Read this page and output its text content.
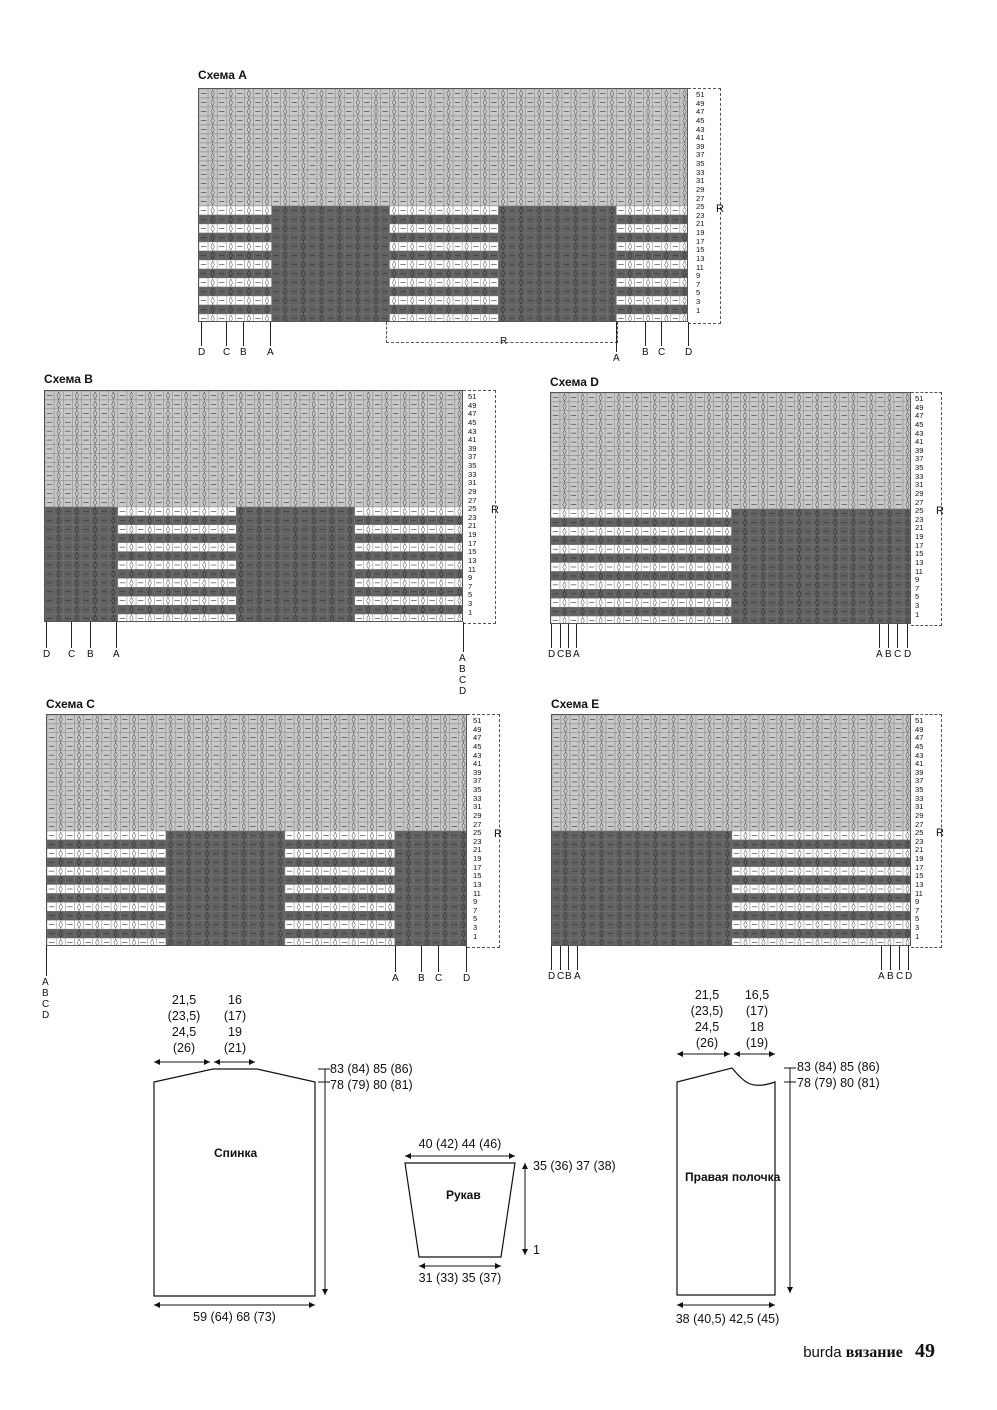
Схема A
◊ ◊ ◊ ◊ ◊ ◊ ◊ ◊ ◊ ◊ ◊ ◊ ◊ ◊ ◊ ◊ ◊ ◊ ◊ ◊ ◊ ◊ ◊ ◊ ◊ ◊ ◊
◊ ◊ ◊ ◊ ◊ ◊ ◊ ◊ ◊ ◊ ◊ ◊ ◊ ◊ ◊ ◊ ◊ ◊ ◊ ◊ ◊ ◊ ◊ ◊ ◊ ◊ ◊
◊ ◊ ◊ ◊ ◊ ◊ ◊ ◊ ◊ ◊ ◊ ◊ ◊ ◊ ◊ ◊ ◊ ◊ ◊ ◊ ◊ ◊ ◊ ◊ ◊ ◊ ◊
◊ ◊ ◊ ◊ ◊ ◊ ◊ ◊ ◊ ◊ ◊ ◊ ◊ ◊ ◊ ◊ ◊ ◊ ◊ ◊ ◊ ◊ ◊ ◊ ◊ ◊ ◊
◊ ◊ ◊ ◊ ◊ ◊ ◊ ◊ ◊ ◊ ◊ ◊ ◊ ◊ ◊ ◊ ◊ ◊ ◊ ◊ ◊ ◊ ◊ ◊ ◊ ◊ ◊
◊ ◊ ◊ ◊ ◊ ◊ ◊ ◊ ◊ ◊ ◊ ◊ ◊ ◊ ◊ ◊ ◊ ◊ ◊ ◊ ◊ ◊ ◊ ◊ ◊ ◊ ◊
◊ ◊ ◊ ◊ ◊ ◊ ◊ ◊ ◊ ◊ ◊ ◊ ◊ ◊ ◊ ◊ ◊ ◊ ◊ ◊ ◊ ◊ ◊ ◊ ◊ ◊ ◊
◊ ◊ ◊ ◊ ◊ ◊ ◊ ◊ ◊ ◊ ◊ ◊ ◊ ◊ ◊ ◊ ◊ ◊ ◊ ◊ ◊ ◊ ◊ ◊ ◊ ◊ ◊
◊ ◊ ◊ ◊ ◊ ◊ ◊ ◊ ◊ ◊ ◊ ◊ ◊ ◊ ◊ ◊ ◊ ◊ ◊ ◊ ◊ ◊ ◊ ◊ ◊ ◊ ◊
◊ ◊ ◊ ◊ ◊ ◊ ◊ ◊ ◊ ◊ ◊ ◊ ◊ ◊ ◊ ◊ ◊ ◊ ◊ ◊ ◊ ◊ ◊ ◊ ◊ ◊ ◊
◊ ◊ ◊ ◊ ◊ ◊ ◊ ◊ ◊ ◊ ◊ ◊ ◊ ◊ ◊ ◊ ◊ ◊ ◊ ◊ ◊ ◊ ◊ ◊ ◊ ◊ ◊
◊ ◊ ◊ ◊ ◊ ◊ ◊ ◊ ◊ ◊ ◊ ◊ ◊ ◊ ◊ ◊ ◊ ◊ ◊ ◊ ◊ ◊ ◊ ◊ ◊ ◊ ◊
◊ ◊ ◊ ◊ ◊ ◊ ◊ ◊ ◊ ◊ ◊ ◊ ◊ ◊ ◊ ◊ ◊ ◊ ◊ ◊ ◊ ◊ ◊ ◊ ◊ ◊ ◊
◊ ◊ ◊ ◊ ◊ ◊ ◊ ◊ ◊ ◊ ◊ ◊ ◊ ◊ ◊ ◊ ◊ ◊ ◊ ◊ ◊ ◊ ◊ ◊ ◊ ◊ ◊
◊ ◊ ◊ ◊ ◊ ◊ ◊ ◊ ◊ ◊ ◊ ◊ ◊ ◊ ◊ ◊ ◊ ◊ ◊ ◊ ◊ ◊ ◊ ◊ ◊ ◊ ◊
◊ ◊ ◊ ◊ ◊ ◊ ◊ ◊ ◊ ◊ ◊ ◊ ◊ ◊ ◊ ◊ ◊ ◊ ◊ ◊ ◊ ◊ ◊ ◊ ◊ ◊ ◊
◊ ◊ ◊ ◊ ◊ ◊ ◊ ◊ ◊ ◊ ◊ ◊ ◊ ◊ ◊ ◊ ◊ ◊ ◊ ◊ ◊ ◊ ◊ ◊ ◊ ◊ ◊
◊ ◊ ◊ ◊ ◊ ◊ ◊ ◊ ◊ ◊ ◊ ◊ ◊ ◊ ◊ ◊ ◊ ◊ ◊ ◊ ◊ ◊ ◊ ◊ ◊ ◊ ◊
◊ ◊ ◊ ◊ ◊ ◊ ◊ ◊ ◊ ◊ ◊ ◊ ◊ ◊ ◊ ◊ ◊ ◊ ◊ ◊ ◊ ◊ ◊ ◊ ◊ ◊ ◊
◊ ◊ ◊ ◊ ◊ ◊ ◊ ◊ ◊ ◊ ◊ ◊ ◊ ◊ ◊ ◊ ◊ ◊ ◊ ◊ ◊ ◊ ◊ ◊ ◊ ◊ ◊
◊ ◊ ◊ ◊ ◊ ◊ ◊ ◊ ◊ ◊ ◊ ◊ ◊ ◊ ◊ ◊ ◊ ◊ ◊ ◊ ◊ ◊ ◊ ◊ ◊ ◊ ◊
◊ ◊ ◊ ◊ ◊ ◊ ◊ ◊ ◊ ◊ ◊ ◊ ◊ ◊ ◊ ◊ ◊ ◊ ◊ ◊ ◊ ◊ ◊ ◊ ◊ ◊ ◊
◊ ◊ ◊ ◊ ◊ ◊ ◊ ◊ ◊ ◊ ◊ ◊ ◊ ◊ ◊ ◊ ◊ ◊ ◊ ◊ ◊ ◊ ◊ ◊ ◊ ◊ ◊
◊ ◊ ◊ ◊ ◊ ◊ ◊ ◊ ◊ ◊ ◊ ◊ ◊ ◊ ◊ ◊ ◊ ◊ ◊ ◊ ◊ ◊ ◊ ◊ ◊ ◊ ◊
◊ ◊ ◊ ◊ ◊ ◊ ◊ ◊ ◊ ◊ ◊ ◊ ◊ ◊ ◊ ◊ ◊ ◊ ◊ ◊ ◊ ◊ ◊ ◊ ◊ ◊ ◊
◊ ◊ ◊ ◊ ◊ ◊ ◊ ◊ ◊ ◊ ◊ ◊ ◊ ◊ ◊ ◊ ◊ ◊ ◊ ◊ ◊ ◊ ◊ ◊ ◊ ◊ ◊
51
49
47
45
43
41
39
37
35
33
31
29
27
25
23
21
19
17
15
13
11
9
7
5
3
1
R
R
D C B A	B C D
A
Схема B
◊ ◊ ◊ ◊ ◊ ◊ ◊ ◊ ◊ ◊ ◊ ◊ ◊ ◊ ◊ ◊ ◊ ◊ ◊ ◊ ◊ ◊ ◊
◊ ◊ ◊ ◊ ◊ ◊ ◊ ◊ ◊ ◊ ◊ ◊ ◊ ◊ ◊ ◊ ◊ ◊ ◊ ◊ ◊ ◊ ◊
◊ ◊ ◊ ◊ ◊ ◊ ◊ ◊ ◊ ◊ ◊ ◊ ◊ ◊ ◊ ◊ ◊ ◊ ◊ ◊ ◊ ◊ ◊
◊ ◊ ◊ ◊ ◊ ◊ ◊ ◊ ◊ ◊ ◊ ◊ ◊ ◊ ◊ ◊ ◊ ◊ ◊ ◊ ◊ ◊ ◊
◊ ◊ ◊ ◊ ◊ ◊ ◊ ◊ ◊ ◊ ◊ ◊ ◊ ◊ ◊ ◊ ◊ ◊ ◊ ◊ ◊ ◊ ◊
◊ ◊ ◊ ◊ ◊ ◊ ◊ ◊ ◊ ◊ ◊ ◊ ◊ ◊ ◊ ◊ ◊ ◊ ◊ ◊ ◊ ◊ ◊
◊ ◊ ◊ ◊ ◊ ◊ ◊ ◊ ◊ ◊ ◊ ◊ ◊ ◊ ◊ ◊ ◊ ◊ ◊ ◊ ◊ ◊ ◊
◊ ◊ ◊ ◊ ◊ ◊ ◊ ◊ ◊ ◊ ◊ ◊ ◊ ◊ ◊ ◊ ◊ ◊ ◊ ◊ ◊ ◊ ◊
◊ ◊ ◊ ◊ ◊ ◊ ◊ ◊ ◊ ◊ ◊ ◊ ◊ ◊ ◊ ◊ ◊ ◊ ◊ ◊ ◊ ◊ ◊
◊ ◊ ◊ ◊ ◊ ◊ ◊ ◊ ◊ ◊ ◊ ◊ ◊ ◊ ◊ ◊ ◊ ◊ ◊ ◊ ◊ ◊ ◊
◊ ◊ ◊ ◊ ◊ ◊ ◊ ◊ ◊ ◊ ◊ ◊ ◊ ◊ ◊ ◊ ◊ ◊ ◊ ◊ ◊ ◊ ◊
◊ ◊ ◊ ◊ ◊ ◊ ◊ ◊ ◊ ◊ ◊ ◊ ◊ ◊ ◊ ◊ ◊ ◊ ◊ ◊ ◊ ◊ ◊
◊ ◊ ◊ ◊ ◊ ◊ ◊ ◊ ◊ ◊ ◊ ◊ ◊ ◊ ◊ ◊ ◊ ◊ ◊ ◊ ◊ ◊ ◊
◊ ◊ ◊ ◊ ◊ ◊ ◊ ◊ ◊ ◊ ◊ ◊ ◊ ◊ ◊ ◊ ◊ ◊ ◊ ◊ ◊ ◊ ◊
◊ ◊ ◊ ◊ ◊ ◊ ◊ ◊ ◊ ◊ ◊ ◊ ◊ ◊ ◊ ◊ ◊ ◊ ◊ ◊ ◊ ◊ ◊
◊ ◊ ◊ ◊ ◊ ◊ ◊ ◊ ◊ ◊ ◊ ◊ ◊ ◊ ◊ ◊ ◊ ◊ ◊ ◊ ◊ ◊ ◊
◊ ◊ ◊ ◊ ◊ ◊ ◊ ◊ ◊ ◊ ◊ ◊ ◊ ◊ ◊ ◊ ◊ ◊ ◊ ◊ ◊ ◊ ◊
◊ ◊ ◊ ◊ ◊ ◊ ◊ ◊ ◊ ◊ ◊ ◊ ◊ ◊ ◊ ◊ ◊ ◊ ◊ ◊ ◊ ◊ ◊
◊ ◊ ◊ ◊ ◊ ◊ ◊ ◊ ◊ ◊ ◊ ◊ ◊ ◊ ◊ ◊ ◊ ◊ ◊ ◊ ◊ ◊ ◊
◊ ◊ ◊ ◊ ◊ ◊ ◊ ◊ ◊ ◊ ◊ ◊ ◊ ◊ ◊ ◊ ◊ ◊ ◊ ◊ ◊ ◊ ◊
◊ ◊ ◊ ◊ ◊ ◊ ◊ ◊ ◊ ◊ ◊ ◊ ◊ ◊ ◊ ◊ ◊ ◊ ◊ ◊ ◊ ◊ ◊
◊ ◊ ◊ ◊ ◊ ◊ ◊ ◊ ◊ ◊ ◊ ◊ ◊ ◊ ◊ ◊ ◊ ◊ ◊ ◊ ◊ ◊ ◊
◊ ◊ ◊ ◊ ◊ ◊ ◊ ◊ ◊ ◊ ◊ ◊ ◊ ◊ ◊ ◊ ◊ ◊ ◊ ◊ ◊ ◊ ◊
◊ ◊ ◊ ◊ ◊ ◊ ◊ ◊ ◊ ◊ ◊ ◊ ◊ ◊ ◊ ◊ ◊ ◊ ◊ ◊ ◊ ◊ ◊
◊ ◊ ◊ ◊ ◊ ◊ ◊ ◊ ◊ ◊ ◊ ◊ ◊ ◊ ◊ ◊ ◊ ◊ ◊ ◊ ◊ ◊ ◊
◊ ◊ ◊ ◊ ◊ ◊ ◊ ◊ ◊ ◊ ◊ ◊ ◊ ◊ ◊ ◊ ◊ ◊ ◊ ◊ ◊ ◊ ◊
51
49
47
45
43
41
39
37
35
33
31
29
27
25
23
21
19
17
15
13
11
9
7
5
3
1
R
D C B A	A
B
C
D
Схема D
◊ ◊ ◊ ◊ ◊ ◊ ◊ ◊ ◊ ◊ ◊ ◊ ◊ ◊ ◊ ◊ ◊ ◊ ◊ ◊
◊ ◊ ◊ ◊ ◊ ◊ ◊ ◊ ◊ ◊ ◊ ◊ ◊ ◊ ◊ ◊ ◊ ◊ ◊ ◊
◊ ◊ ◊ ◊ ◊ ◊ ◊ ◊ ◊ ◊ ◊ ◊ ◊ ◊ ◊ ◊ ◊ ◊ ◊ ◊
◊ ◊ ◊ ◊ ◊ ◊ ◊ ◊ ◊ ◊ ◊ ◊ ◊ ◊ ◊ ◊ ◊ ◊ ◊ ◊
◊ ◊ ◊ ◊ ◊ ◊ ◊ ◊ ◊ ◊ ◊ ◊ ◊ ◊ ◊ ◊ ◊ ◊ ◊ ◊
◊ ◊ ◊ ◊ ◊ ◊ ◊ ◊ ◊ ◊ ◊ ◊ ◊ ◊ ◊ ◊ ◊ ◊ ◊ ◊
◊ ◊ ◊ ◊ ◊ ◊ ◊ ◊ ◊ ◊ ◊ ◊ ◊ ◊ ◊ ◊ ◊ ◊ ◊ ◊
◊ ◊ ◊ ◊ ◊ ◊ ◊ ◊ ◊ ◊ ◊ ◊ ◊ ◊ ◊ ◊ ◊ ◊ ◊ ◊
◊ ◊ ◊ ◊ ◊ ◊ ◊ ◊ ◊ ◊ ◊ ◊ ◊ ◊ ◊ ◊ ◊ ◊ ◊ ◊
◊ ◊ ◊ ◊ ◊ ◊ ◊ ◊ ◊ ◊ ◊ ◊ ◊ ◊ ◊ ◊ ◊ ◊ ◊ ◊
◊ ◊ ◊ ◊ ◊ ◊ ◊ ◊ ◊ ◊ ◊ ◊ ◊ ◊ ◊ ◊ ◊ ◊ ◊ ◊
◊ ◊ ◊ ◊ ◊ ◊ ◊ ◊ ◊ ◊ ◊ ◊ ◊ ◊ ◊ ◊ ◊ ◊ ◊ ◊
◊ ◊ ◊ ◊ ◊ ◊ ◊ ◊ ◊ ◊ ◊ ◊ ◊ ◊ ◊ ◊ ◊ ◊ ◊ ◊
◊ ◊ ◊ ◊ ◊ ◊ ◊ ◊ ◊ ◊ ◊ ◊ ◊ ◊ ◊ ◊ ◊ ◊ ◊ ◊
◊ ◊ ◊ ◊ ◊ ◊ ◊ ◊ ◊ ◊ ◊ ◊ ◊ ◊ ◊ ◊ ◊ ◊ ◊ ◊
◊ ◊ ◊ ◊ ◊ ◊ ◊ ◊ ◊ ◊ ◊ ◊ ◊ ◊ ◊ ◊ ◊ ◊ ◊ ◊
◊ ◊ ◊ ◊ ◊ ◊ ◊ ◊ ◊ ◊ ◊ ◊ ◊ ◊ ◊ ◊ ◊ ◊ ◊ ◊
◊ ◊ ◊ ◊ ◊ ◊ ◊ ◊ ◊ ◊ ◊ ◊ ◊ ◊ ◊ ◊ ◊ ◊ ◊ ◊
◊ ◊ ◊ ◊ ◊ ◊ ◊ ◊ ◊ ◊ ◊ ◊ ◊ ◊ ◊ ◊ ◊ ◊ ◊ ◊
◊ ◊ ◊ ◊ ◊ ◊ ◊ ◊ ◊ ◊ ◊ ◊ ◊ ◊ ◊ ◊ ◊ ◊ ◊ ◊
◊ ◊ ◊ ◊ ◊ ◊ ◊ ◊ ◊ ◊ ◊ ◊ ◊ ◊ ◊ ◊ ◊ ◊ ◊ ◊
◊ ◊ ◊ ◊ ◊ ◊ ◊ ◊ ◊ ◊ ◊ ◊ ◊ ◊ ◊ ◊ ◊ ◊ ◊ ◊
◊ ◊ ◊ ◊ ◊ ◊ ◊ ◊ ◊ ◊ ◊ ◊ ◊ ◊ ◊ ◊ ◊ ◊ ◊ ◊
◊ ◊ ◊ ◊ ◊ ◊ ◊ ◊ ◊ ◊ ◊ ◊ ◊ ◊ ◊ ◊ ◊ ◊ ◊ ◊
◊ ◊ ◊ ◊ ◊ ◊ ◊ ◊ ◊ ◊ ◊ ◊ ◊ ◊ ◊ ◊ ◊ ◊ ◊ ◊
◊ ◊ ◊ ◊ ◊ ◊ ◊ ◊ ◊ ◊ ◊ ◊ ◊ ◊ ◊ ◊ ◊ ◊ ◊ ◊
51
49
47
45
43
41
39
37
35
33
31
29
27
25
23
21
19
17
15
13
11
9
7
5
3
1
R
D C B A	A B C D
Схема C
◊ ◊ ◊ ◊ ◊ ◊ ◊ ◊ ◊ ◊ ◊ ◊ ◊ ◊ ◊ ◊ ◊ ◊ ◊ ◊ ◊ ◊ ◊
◊ ◊ ◊ ◊ ◊ ◊ ◊ ◊ ◊ ◊ ◊ ◊ ◊ ◊ ◊ ◊ ◊ ◊ ◊ ◊ ◊ ◊ ◊
◊ ◊ ◊ ◊ ◊ ◊ ◊ ◊ ◊ ◊ ◊ ◊ ◊ ◊ ◊ ◊ ◊ ◊ ◊ ◊ ◊ ◊ ◊
◊ ◊ ◊ ◊ ◊ ◊ ◊ ◊ ◊ ◊ ◊ ◊ ◊ ◊ ◊ ◊ ◊ ◊ ◊ ◊ ◊ ◊ ◊
◊ ◊ ◊ ◊ ◊ ◊ ◊ ◊ ◊ ◊ ◊ ◊ ◊ ◊ ◊ ◊ ◊ ◊ ◊ ◊ ◊ ◊ ◊
◊ ◊ ◊ ◊ ◊ ◊ ◊ ◊ ◊ ◊ ◊ ◊ ◊ ◊ ◊ ◊ ◊ ◊ ◊ ◊ ◊ ◊ ◊
◊ ◊ ◊ ◊ ◊ ◊ ◊ ◊ ◊ ◊ ◊ ◊ ◊ ◊ ◊ ◊ ◊ ◊ ◊ ◊ ◊ ◊ ◊
◊ ◊ ◊ ◊ ◊ ◊ ◊ ◊ ◊ ◊ ◊ ◊ ◊ ◊ ◊ ◊ ◊ ◊ ◊ ◊ ◊ ◊ ◊
◊ ◊ ◊ ◊ ◊ ◊ ◊ ◊ ◊ ◊ ◊ ◊ ◊ ◊ ◊ ◊ ◊ ◊ ◊ ◊ ◊ ◊ ◊
◊ ◊ ◊ ◊ ◊ ◊ ◊ ◊ ◊ ◊ ◊ ◊ ◊ ◊ ◊ ◊ ◊ ◊ ◊ ◊ ◊ ◊ ◊
◊ ◊ ◊ ◊ ◊ ◊ ◊ ◊ ◊ ◊ ◊ ◊ ◊ ◊ ◊ ◊ ◊ ◊ ◊ ◊ ◊ ◊ ◊
◊ ◊ ◊ ◊ ◊ ◊ ◊ ◊ ◊ ◊ ◊ ◊ ◊ ◊ ◊ ◊ ◊ ◊ ◊ ◊ ◊ ◊ ◊
◊ ◊ ◊ ◊ ◊ ◊ ◊ ◊ ◊ ◊ ◊ ◊ ◊ ◊ ◊ ◊ ◊ ◊ ◊ ◊ ◊ ◊ ◊
◊ ◊ ◊ ◊ ◊ ◊ ◊ ◊ ◊ ◊ ◊ ◊ ◊ ◊ ◊ ◊ ◊ ◊ ◊ ◊ ◊ ◊ ◊
◊ ◊ ◊ ◊ ◊ ◊ ◊ ◊ ◊ ◊ ◊ ◊ ◊ ◊ ◊ ◊ ◊ ◊ ◊ ◊ ◊ ◊ ◊
◊ ◊ ◊ ◊ ◊ ◊ ◊ ◊ ◊ ◊ ◊ ◊ ◊ ◊ ◊ ◊ ◊ ◊ ◊ ◊ ◊ ◊ ◊
◊ ◊ ◊ ◊ ◊ ◊ ◊ ◊ ◊ ◊ ◊ ◊ ◊ ◊ ◊ ◊ ◊ ◊ ◊ ◊ ◊ ◊ ◊
◊ ◊ ◊ ◊ ◊ ◊ ◊ ◊ ◊ ◊ ◊ ◊ ◊ ◊ ◊ ◊ ◊ ◊ ◊ ◊ ◊ ◊ ◊
◊ ◊ ◊ ◊ ◊ ◊ ◊ ◊ ◊ ◊ ◊ ◊ ◊ ◊ ◊ ◊ ◊ ◊ ◊ ◊ ◊ ◊ ◊
◊ ◊ ◊ ◊ ◊ ◊ ◊ ◊ ◊ ◊ ◊ ◊ ◊ ◊ ◊ ◊ ◊ ◊ ◊ ◊ ◊ ◊ ◊
◊ ◊ ◊ ◊ ◊ ◊ ◊ ◊ ◊ ◊ ◊ ◊ ◊ ◊ ◊ ◊ ◊ ◊ ◊ ◊ ◊ ◊ ◊
◊ ◊ ◊ ◊ ◊ ◊ ◊ ◊ ◊ ◊ ◊ ◊ ◊ ◊ ◊ ◊ ◊ ◊ ◊ ◊ ◊ ◊ ◊
◊ ◊ ◊ ◊ ◊ ◊ ◊ ◊ ◊ ◊ ◊ ◊ ◊ ◊ ◊ ◊ ◊ ◊ ◊ ◊ ◊ ◊ ◊
◊ ◊ ◊ ◊ ◊ ◊ ◊ ◊ ◊ ◊ ◊ ◊ ◊ ◊ ◊ ◊ ◊ ◊ ◊ ◊ ◊ ◊ ◊
◊ ◊ ◊ ◊ ◊ ◊ ◊ ◊ ◊ ◊ ◊ ◊ ◊ ◊ ◊ ◊ ◊ ◊ ◊ ◊ ◊ ◊ ◊
◊ ◊ ◊ ◊ ◊ ◊ ◊ ◊ ◊ ◊ ◊ ◊ ◊ ◊ ◊ ◊ ◊ ◊ ◊ ◊ ◊ ◊ ◊
51
49
47
45
43
41
39
37
35
33
31
29
27
25
23
21
19
17
15
13
11
9
7
5
3
1
R
A
B
C
D
A B C D
Схема E
◊ ◊ ◊ ◊ ◊ ◊ ◊ ◊ ◊ ◊ ◊ ◊ ◊ ◊ ◊ ◊ ◊ ◊ ◊ ◊
◊ ◊ ◊ ◊ ◊ ◊ ◊ ◊ ◊ ◊ ◊ ◊ ◊ ◊ ◊ ◊ ◊ ◊ ◊ ◊
◊ ◊ ◊ ◊ ◊ ◊ ◊ ◊ ◊ ◊ ◊ ◊ ◊ ◊ ◊ ◊ ◊ ◊ ◊ ◊
◊ ◊ ◊ ◊ ◊ ◊ ◊ ◊ ◊ ◊ ◊ ◊ ◊ ◊ ◊ ◊ ◊ ◊ ◊ ◊
◊ ◊ ◊ ◊ ◊ ◊ ◊ ◊ ◊ ◊ ◊ ◊ ◊ ◊ ◊ ◊ ◊ ◊ ◊ ◊
◊ ◊ ◊ ◊ ◊ ◊ ◊ ◊ ◊ ◊ ◊ ◊ ◊ ◊ ◊ ◊ ◊ ◊ ◊ ◊
◊ ◊ ◊ ◊ ◊ ◊ ◊ ◊ ◊ ◊ ◊ ◊ ◊ ◊ ◊ ◊ ◊ ◊ ◊ ◊
◊ ◊ ◊ ◊ ◊ ◊ ◊ ◊ ◊ ◊ ◊ ◊ ◊ ◊ ◊ ◊ ◊ ◊ ◊ ◊
◊ ◊ ◊ ◊ ◊ ◊ ◊ ◊ ◊ ◊ ◊ ◊ ◊ ◊ ◊ ◊ ◊ ◊ ◊ ◊
◊ ◊ ◊ ◊ ◊ ◊ ◊ ◊ ◊ ◊ ◊ ◊ ◊ ◊ ◊ ◊ ◊ ◊ ◊ ◊
◊ ◊ ◊ ◊ ◊ ◊ ◊ ◊ ◊ ◊ ◊ ◊ ◊ ◊ ◊ ◊ ◊ ◊ ◊ ◊
◊ ◊ ◊ ◊ ◊ ◊ ◊ ◊ ◊ ◊ ◊ ◊ ◊ ◊ ◊ ◊ ◊ ◊ ◊ ◊
◊ ◊ ◊ ◊ ◊ ◊ ◊ ◊ ◊ ◊ ◊ ◊ ◊ ◊ ◊ ◊ ◊ ◊ ◊ ◊
◊ ◊ ◊ ◊ ◊ ◊ ◊ ◊ ◊ ◊ ◊ ◊ ◊ ◊ ◊ ◊ ◊ ◊ ◊ ◊
◊ ◊ ◊ ◊ ◊ ◊ ◊ ◊ ◊ ◊ ◊ ◊ ◊ ◊ ◊ ◊ ◊ ◊ ◊ ◊
◊ ◊ ◊ ◊ ◊ ◊ ◊ ◊ ◊ ◊ ◊ ◊ ◊ ◊ ◊ ◊ ◊ ◊ ◊ ◊
◊ ◊ ◊ ◊ ◊ ◊ ◊ ◊ ◊ ◊ ◊ ◊ ◊ ◊ ◊ ◊ ◊ ◊ ◊ ◊
◊ ◊ ◊ ◊ ◊ ◊ ◊ ◊ ◊ ◊ ◊ ◊ ◊ ◊ ◊ ◊ ◊ ◊ ◊ ◊
◊ ◊ ◊ ◊ ◊ ◊ ◊ ◊ ◊ ◊ ◊ ◊ ◊ ◊ ◊ ◊ ◊ ◊ ◊ ◊
◊ ◊ ◊ ◊ ◊ ◊ ◊ ◊ ◊ ◊ ◊ ◊ ◊ ◊ ◊ ◊ ◊ ◊ ◊ ◊
◊ ◊ ◊ ◊ ◊ ◊ ◊ ◊ ◊ ◊ ◊ ◊ ◊ ◊ ◊ ◊ ◊ ◊ ◊ ◊
◊ ◊ ◊ ◊ ◊ ◊ ◊ ◊ ◊ ◊ ◊ ◊ ◊ ◊ ◊ ◊ ◊ ◊ ◊ ◊
◊ ◊ ◊ ◊ ◊ ◊ ◊ ◊ ◊ ◊ ◊ ◊ ◊ ◊ ◊ ◊ ◊ ◊ ◊ ◊
◊ ◊ ◊ ◊ ◊ ◊ ◊ ◊ ◊ ◊ ◊ ◊ ◊ ◊ ◊ ◊ ◊ ◊ ◊ ◊
◊ ◊ ◊ ◊ ◊ ◊ ◊ ◊ ◊ ◊ ◊ ◊ ◊ ◊ ◊ ◊ ◊ ◊ ◊ ◊
◊ ◊ ◊ ◊ ◊ ◊ ◊ ◊ ◊ ◊ ◊ ◊ ◊ ◊ ◊ ◊ ◊ ◊ ◊ ◊
51
49
47
45
43
41
39
37
35
33
31
29
27
25
23
21
19
17
15
13
11
9
7
5
3
1
R
D C B A	A B C D
21,5
(23,5)
24,5
(26)
16
(17)
19
(21)
83 (84) 85 (86)
78 (79) 80 (81)
Спинка
59 (64) 68 (73)
40 (42) 44 (46)
35 (36) 37 (38)
1
Рукав
31 (33) 35 (37)
21,5
(23,5)
24,5
(26)
16,5
(17)
18
(19)
83 (84) 85 (86)
78 (79) 80 (81)
Правая полочка
38 (40,5) 42,5 (45)
burda вязание 49
